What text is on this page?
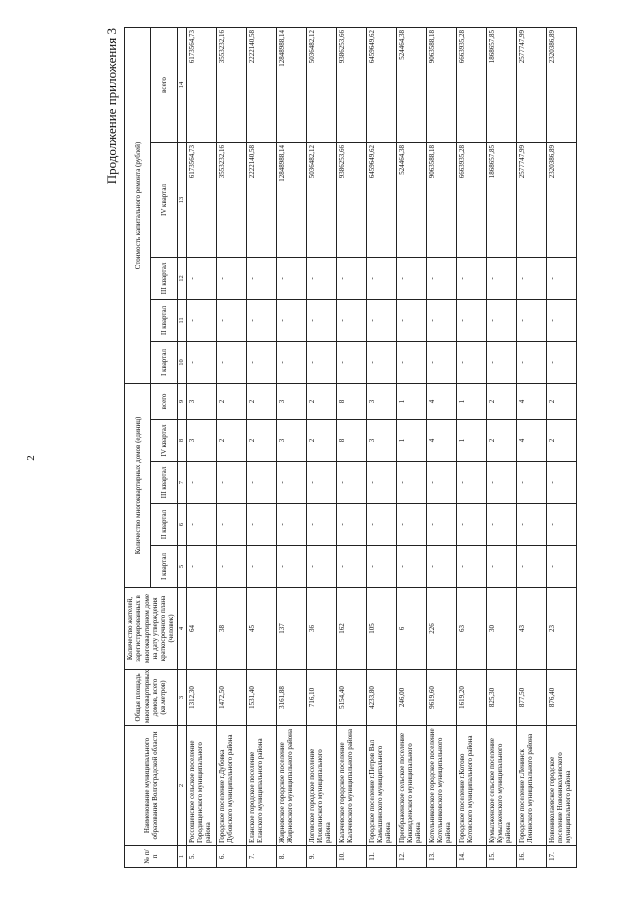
2
Продолжение приложения 3
№ п/п	Наименование муниципального образования Волгоградской области	Общая площадь многоквартирных домов, всего (кв.метров)	Количество жителей, зарегистрированных в многоквартирном доме на дату утверждения краткосрочного плана (человек)	Количество многоквартирных домов (единиц)					Стоимость капитального ремонта (рублей)				
				I квартал	II квартал	III квартал	IV квартал	всего	I квартал	II квартал	III квартал	IV квартал	всего
1	2	3	4	5	6	7	8	9	10	11	12	13	14
5.	Россошенское сельское поселение Городищенского муниципального района	1312,30	64	-	-	-	3	3	-	-	-	6173564,73	6173564,73
6.	Городское поселение г.Дубовка Дубовского муниципального района	1472,50	38	-	-	-	2	2	-	-	-	3553232,16	3553232,16
7.	Еланское городское поселение Еланского муниципального района	1531,40	45	-	-	-	2	2	-	-	-	2222140,58	2222140,58
8.	Жирновское городское поселение Жирновского муниципального района	3161,88	137	-	-	-	3	3	-	-	-	12848988,14	12848988,14
9.	Логовское городское поселение Иловлинского муниципального района	716,10	36	-	-	-	2	2	-	-	-	5036482,12	5036482,12
10.	Калачевское городское поселение Калачевского муниципального района	5154,40	162	-	-	-	8	8	-	-	-	9386253,66	9386253,66
11.	Городское поселение г.Петров Вал Камышинского муниципального района	4233,80	105	-	-	-	3	3	-	-	-	6459649,62	6459649,62
12.	Преображенское сельское поселение Киквидзенского муниципального района	246,00	6	-	-	-	1	1	-	-	-	524464,38	524464,38
13.	Котельниковское городское поселение Котельниковского муниципального района	9619,60	226	-	-	-	4	4	-	-	-	9063588,18	9063588,18
14.	Городское поселение г.Котово Котовского муниципального района	1619,20	63	-	-	-	1	1	-	-	-	6663935,28	6663935,28
15.	Кумылженское сельское поселение Кумылженского муниципального района	825,30	30	-	-	-	2	2	-	-	-	1868657,85	1868657,85
16.	Городское поселение г.Ленинск Ленинского муниципального района	877,50	43	-	-	-	4	4	-	-	-	2577747,99	2577747,99
17.	Новониколаевское городское поселение Новониколаевского муниципального района	876,40	23	-	-	-	2	2	-	-	-	2320386,89	2320386,89
